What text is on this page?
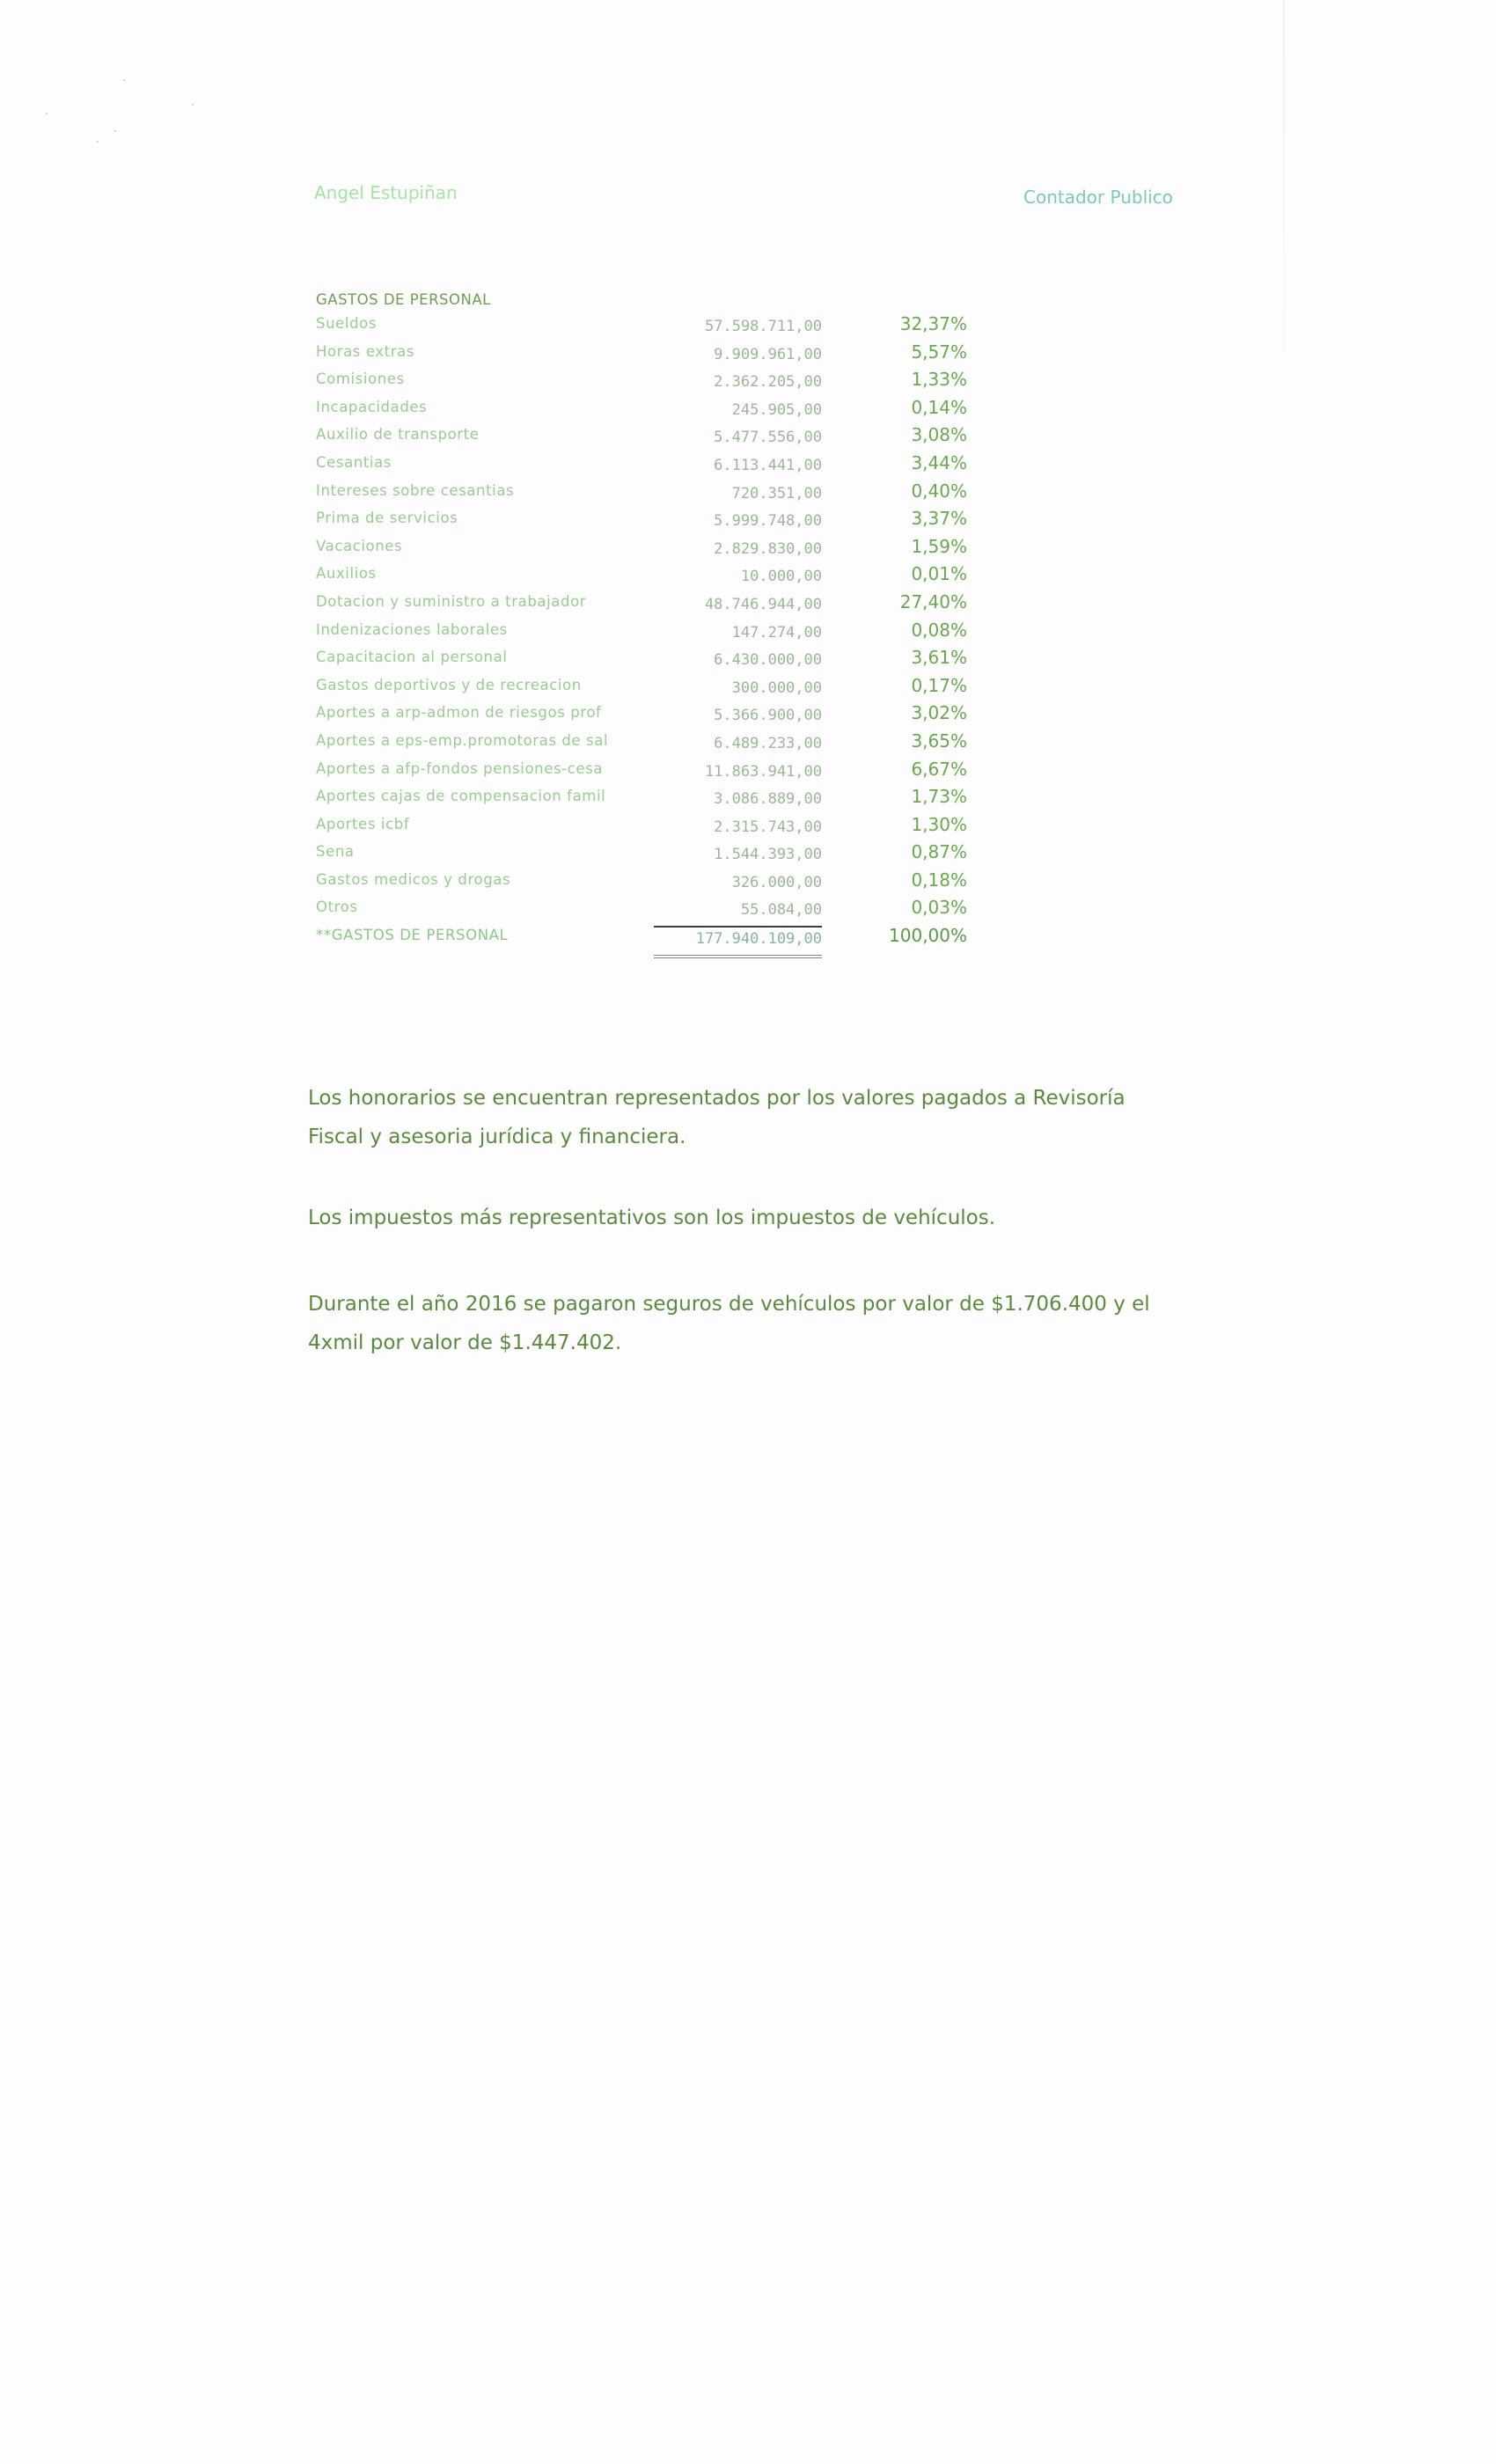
Angel Estupiñan	Contador Publico
GASTOS DE PERSONAL
Sueldos	57.598.711,00	32,37%
Horas extras	9.909.961,00	5,57%
Comisiones	2.362.205,00	1,33%
Incapacidades	245.905,00	0,14%
Auxilio de transporte	5.477.556,00	3,08%
Cesantias	6.113.441,00	3,44%
Intereses sobre cesantias	720.351,00	0,40%
Prima de servicios	5.999.748,00	3,37%
Vacaciones	2.829.830,00	1,59%
Auxilios	10.000,00	0,01%
Dotacion y suministro a trabajador	48.746.944,00	27,40%
Indenizaciones laborales	147.274,00	0,08%
Capacitacion al personal	6.430.000,00	3,61%
Gastos deportivos y de recreacion	300.000,00	0,17%
Aportes a arp-admon de riesgos prof	5.366.900,00	3,02%
Aportes a eps-emp.promotoras de sal	6.489.233,00	3,65%
Aportes a afp-fondos pensiones-cesa	11.863.941,00	6,67%
Aportes cajas de compensacion famil	3.086.889,00	1,73%
Aportes icbf	2.315.743,00	1,30%
Sena	1.544.393,00	0,87%
Gastos medicos y drogas	326.000,00	0,18%
Otros	55.084,00	0,03%
**GASTOS DE PERSONAL	177.940.109,00	100,00%
Los honorarios se encuentran representados por los valores pagados a Revisoría Fiscal y asesoria jurídica y financiera.
Los impuestos más representativos son los impuestos de vehículos.
Durante el año 2016 se pagaron seguros de vehículos por valor de $1.706.400 y el 4xmil por valor de $1.447.402.
